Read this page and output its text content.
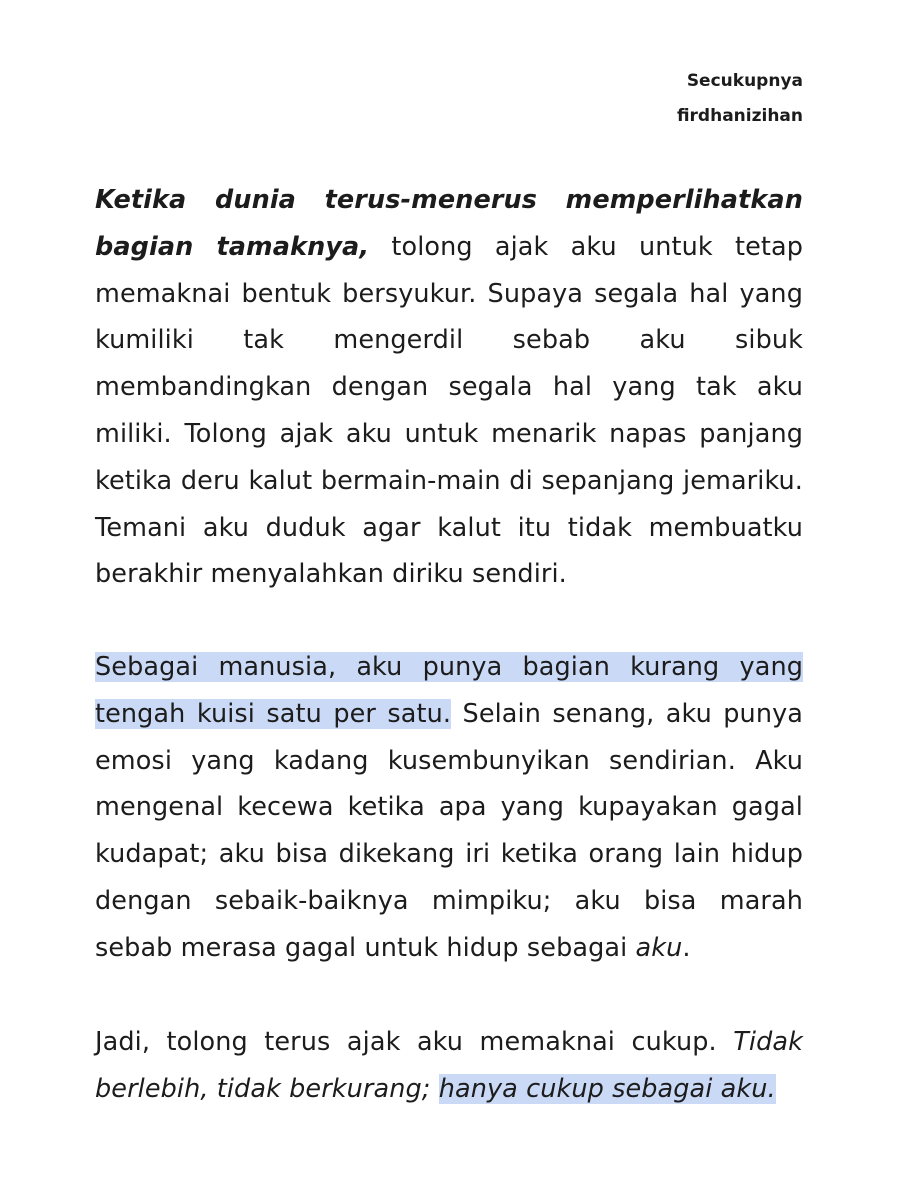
Secukupnya
firdhanizihan

Ketika dunia terus-menerus memperlihatkan bagian tamaknya, tolong ajak aku untuk tetap memaknai bentuk bersyukur. Supaya segala hal yang kumiliki tak mengerdil sebab aku sibuk membandingkan dengan segala hal yang tak aku miliki. Tolong ajak aku untuk menarik napas panjang ketika deru kalut bermain-main di sepanjang jemariku. Temani aku duduk agar kalut itu tidak membuatku berakhir menyalahkan diriku sendiri.

Sebagai manusia, aku punya bagian kurang yang tengah kuisi satu per satu. Selain senang, aku punya emosi yang kadang kusembunyikan sendirian. Aku mengenal kecewa ketika apa yang kupayakan gagal kudapat; aku bisa dikekang iri ketika orang lain hidup dengan sebaik-baiknya mimpiku; aku bisa marah sebab merasa gagal untuk hidup sebagai aku.

Jadi, tolong terus ajak aku memaknai cukup. Tidak berlebih, tidak berkurang; hanya cukup sebagai aku.
